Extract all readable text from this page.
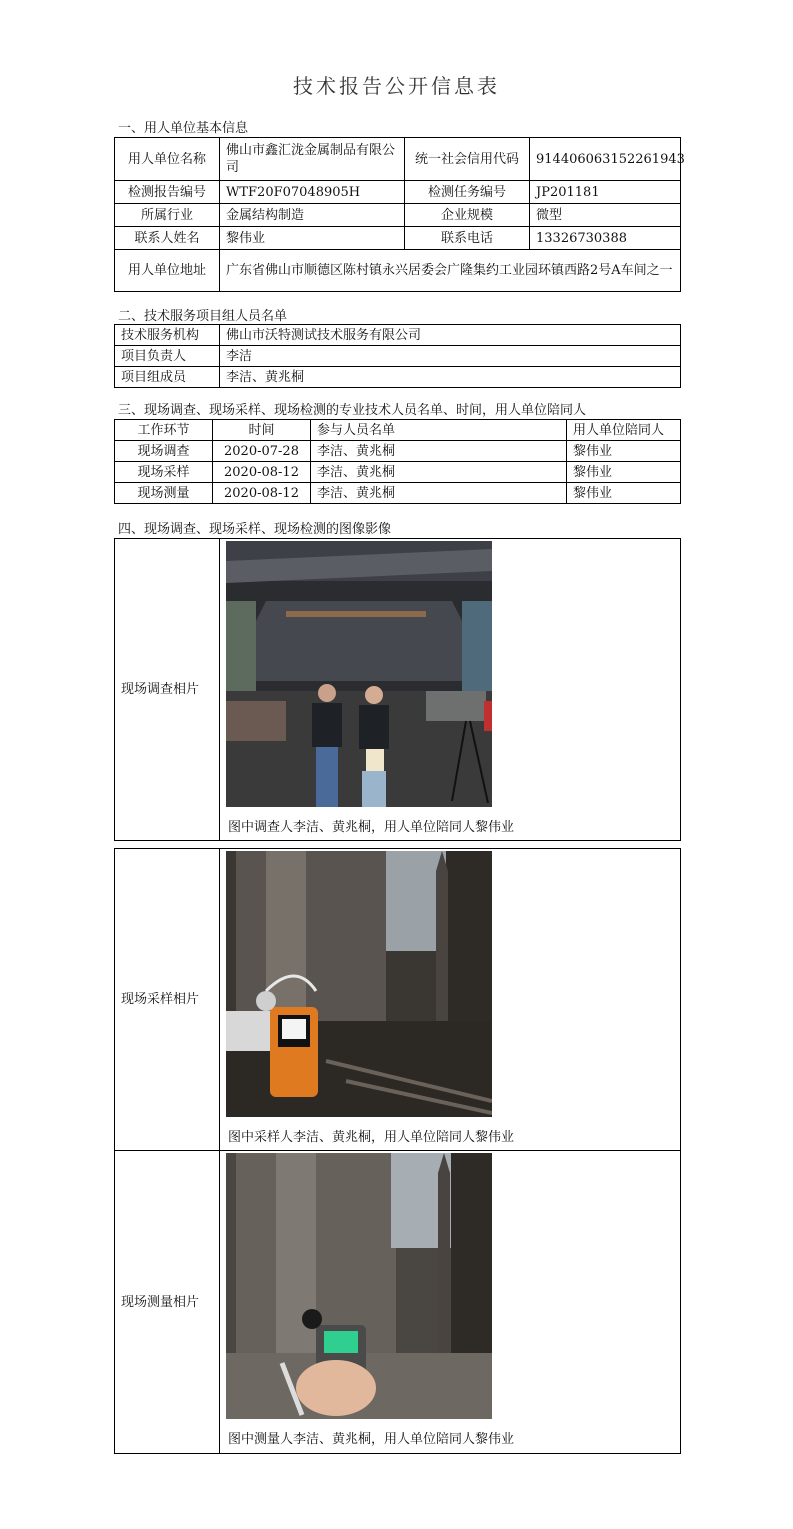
技术报告公开信息表
一、用人单位基本信息
用人单位名称	佛山市鑫汇泷金属制品有限公司	统一社会信用代码	914406063152261943
检测报告编号	WTF20F07048905H	检测任务编号	JP201181
所属行业	金属结构制造	企业规模	微型
联系人姓名	黎伟业	联系电话	13326730388
用人单位地址	广东省佛山市顺德区陈村镇永兴居委会广隆集约工业园环镇西路2号A车间之一		
二、技术服务项目组人员名单
技术服务机构	佛山市沃特测试技术服务有限公司
项目负责人	李洁
项目组成员	李洁、黄兆桐
三、现场调查、现场采样、现场检测的专业技术人员名单、时间，用人单位陪同人
工作环节	时间	参与人员名单	用人单位陪同人
现场调查	2020-07-28	李洁、黄兆桐	黎伟业
现场采样	2020-08-12	李洁、黄兆桐	黎伟业
现场测量	2020-08-12	李洁、黄兆桐	黎伟业
四、现场调查、现场采样、现场检测的图像影像
现场调查相片	
图中调查人李洁、黄兆桐，用人单位陪同人黎伟业
现场采样相片	图中采样人李洁、黄兆桐，用人单位陪同人黎伟业

现场测量相片	图中测量人李洁、黄兆桐，用人单位陪同人黎伟业
